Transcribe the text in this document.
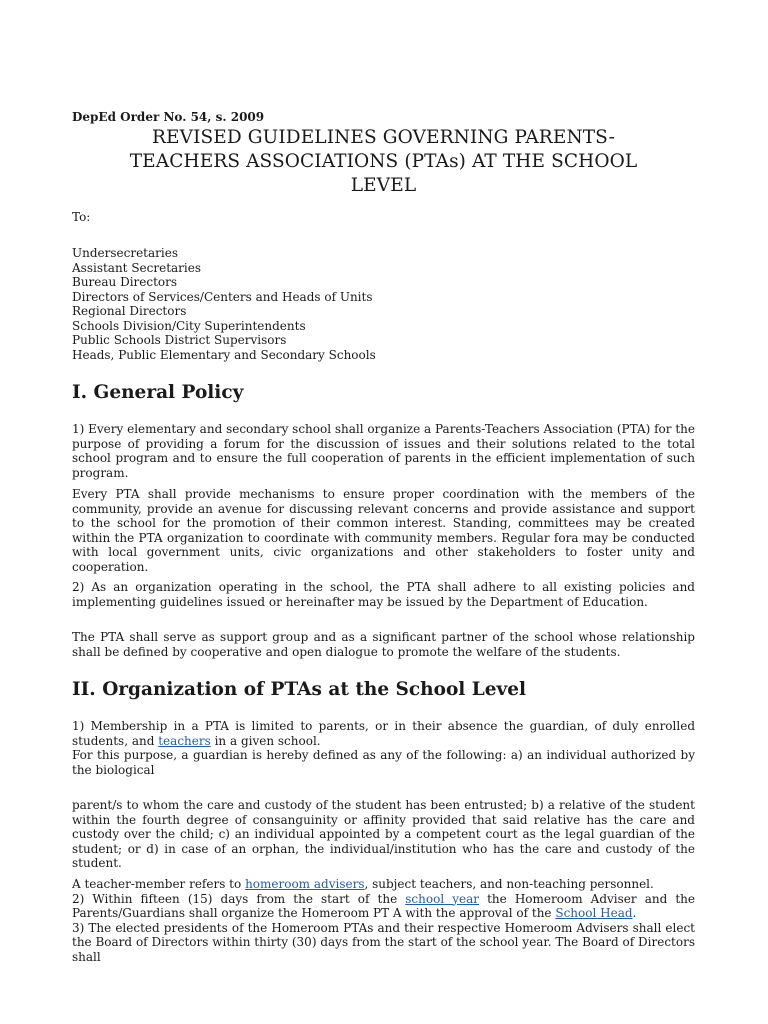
DepEd Order No. 54, s. 2009
REVISED GUIDELINES GOVERNING PARENTS-
TEACHERS ASSOCIATIONS (PTAs) AT THE SCHOOL
LEVEL
To:
Undersecretaries
Assistant Secretaries
Bureau Directors
Directors of Services/Centers and Heads of Units
Regional Directors
Schools Division/City Superintendents
Public Schools District Supervisors
Heads, Public Elementary and Secondary Schools
I. General Policy

1) Every elementary and secondary school shall organize a Parents-Teachers Association (PTA) for the purpose of providing a forum for the discussion of issues and their solutions related to the total school program and to ensure the full cooperation of parents in the efficient implementation of such program.

Every PTA shall provide mechanisms to ensure proper coordination with the members of the community, provide an avenue for discussing relevant concerns and provide assistance and support to the school for the promotion of their common interest. Standing, committees may be created within the PTA organization to coordinate with community members. Regular fora may be conducted with local government units, civic organizations and other stakeholders to foster unity and cooperation.

2) As an organization operating in the school, the PTA shall adhere to all existing policies and implementing guidelines issued or hereinafter may be issued by the Department of Education.

The PTA shall serve as support group and as a significant partner of the school whose relationship shall be defined by cooperative and open dialogue to promote the welfare of the students.

II. Organization of PTAs at the School Level

1) Membership in a PTA is limited to parents, or in their absence the guardian, of duly enrolled students, and teachers in a given school.
For this purpose, a guardian is hereby defined as any of the following: a) an individual authorized by the biological

parent/s to whom the care and custody of the student has been entrusted; b) a relative of the student within the fourth degree of consanguinity or affinity provided that said relative has the care and custody over the child; c) an individual appointed by a competent court as the legal guardian of the student; or d) in case of an orphan, the individual/institution who has the care and custody of the student.

A teacher-member refers to homeroom advisers, subject teachers, and non-teaching personnel.
2) Within fifteen (15) days from the start of the school year the Homeroom Adviser and the Parents/Guardians shall organize the Homeroom PT A with the approval of the School Head.
3) The elected presidents of the Homeroom PTAs and their respective Homeroom Advisers shall elect the Board of Directors within thirty (30) days from the start of the school year. The Board of Directors shall
